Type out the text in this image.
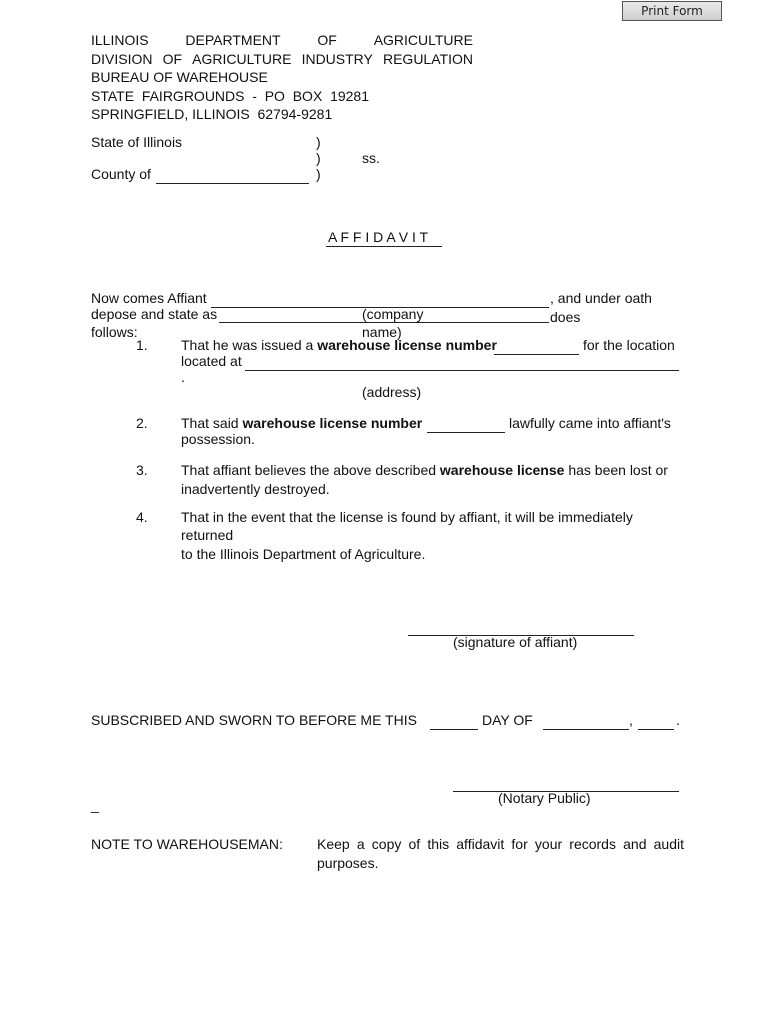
Print Form
ILLINOIS	DEPARTMENT	OF	AGRICULTURE
DIVISION OF AGRICULTURE INDUSTRY REGULATION
BUREAU OF WAREHOUSE
STATE  FAIRGROUNDS  -  PO  BOX  19281
SPRINGFIELD, ILLINOIS  62794-9281
State of Illinois	)
)	ss.
County of	)
A F F I D A V I T
Now comes Affiant	, and under oath
depose and state as	(company	does
follows:	name)
1. That he was issued a warehouse license number	for the location
located at
.
(address)
2. That said warehouse license number	lawfully came into affiant's
possession.
3. That affiant believes the above described warehouse license has been lost or
inadvertently destroyed.
4. That in the event that the license is found by affiant, it will be immediately
returned
to the Illinois Department of Agriculture.
(signature of affiant)
SUBSCRIBED AND SWORN TO BEFORE ME THIS	DAY OF	,	.
(Notary Public)
_
NOTE TO WAREHOUSEMAN: Keep a copy of this affidavit for your records and audit
purposes.
